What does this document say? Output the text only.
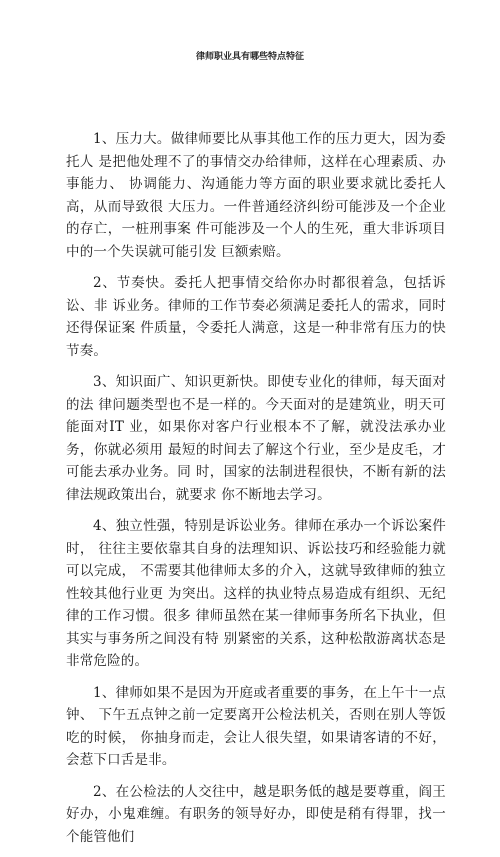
律师职业具有哪些特点特征

1、压力大。做律师要比从事其他工作的压力更大，因为委托人 是把他处理不了的事情交办给律师，这样在心理素质、办事能力、 协调能力、沟通能力等方面的职业要求就比委托人高，从而导致很 大压力。一件普通经济纠纷可能涉及一个企业的存亡，一桩刑事案 件可能涉及一个人的生死，重大非诉项目中的一个失误就可能引发 巨额索赔。

2、节奏快。委托人把事情交给你办时都很着急，包括诉讼、非 诉业务。律师的工作节奏必须满足委托人的需求，同时还得保证案 件质量，令委托人满意，这是一种非常有压力的快节奏。

3、知识面广、知识更新快。即使专业化的律师，每天面对的法 律问题类型也不是一样的。今天面对的是建筑业，明天可能面对IT 业，如果你对客户行业根本不了解，就没法承办业务，你就必须用 最短的时间去了解这个行业，至少是皮毛，才可能去承办业务。同 时，国家的法制进程很快，不断有新的法律法规政策出台，就要求 你不断地去学习。

4、独立性强，特别是诉讼业务。律师在承办一个诉讼案件时， 往往主要依靠其自身的法理知识、诉讼技巧和经验能力就可以完成， 不需要其他律师太多的介入，这就导致律师的独立性较其他行业更 为突出。这样的执业特点易造成有组织、无纪律的工作习惯。很多 律师虽然在某一律师事务所名下执业，但其实与事务所之间没有特 别紧密的关系，这种松散游离状态是非常危险的。

1、律师如果不是因为开庭或者重要的事务，在上午十一点钟、 下午五点钟之前一定要离开公检法机关，否则在别人等饭吃的时候， 你抽身而走，会让人很失望，如果请客请的不好，会惹下口舌是非。

2、在公检法的人交往中，越是职务低的越是要尊重，阎王好办，小鬼难缠。有职务的领导好办，即使是稍有得罪，找一个能管他们
